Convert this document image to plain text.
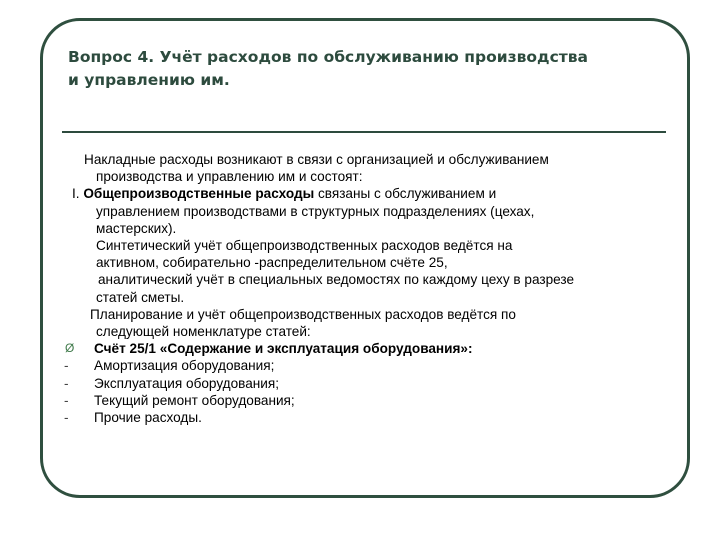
Вопрос 4. Учёт расходов по обслуживанию производства
и управлению им.
Накладные расходы возникают в связи с организацией и обслуживанием
производства и управлению им и состоят:
I. Общепроизводственные расходы связаны с обслуживанием и
управлением производствами в структурных подразделениях (цехах,
мастерских).
Синтетический учёт общепроизводственных расходов ведётся на
активном, собирательно -распределительном счёте 25,
аналитический учёт в специальных ведомостях по каждому цеху в разрезе
статей сметы.
Планирование и учёт общепроизводственных расходов ведётся по
следующей номенклатуре статей:
Ø	Счёт 25/1 «Содержание и эксплуатация оборудования»:
-	Амортизация оборудования;
-	Эксплуатация оборудования;
-	Текущий ремонт оборудования;
-	Прочие расходы.
